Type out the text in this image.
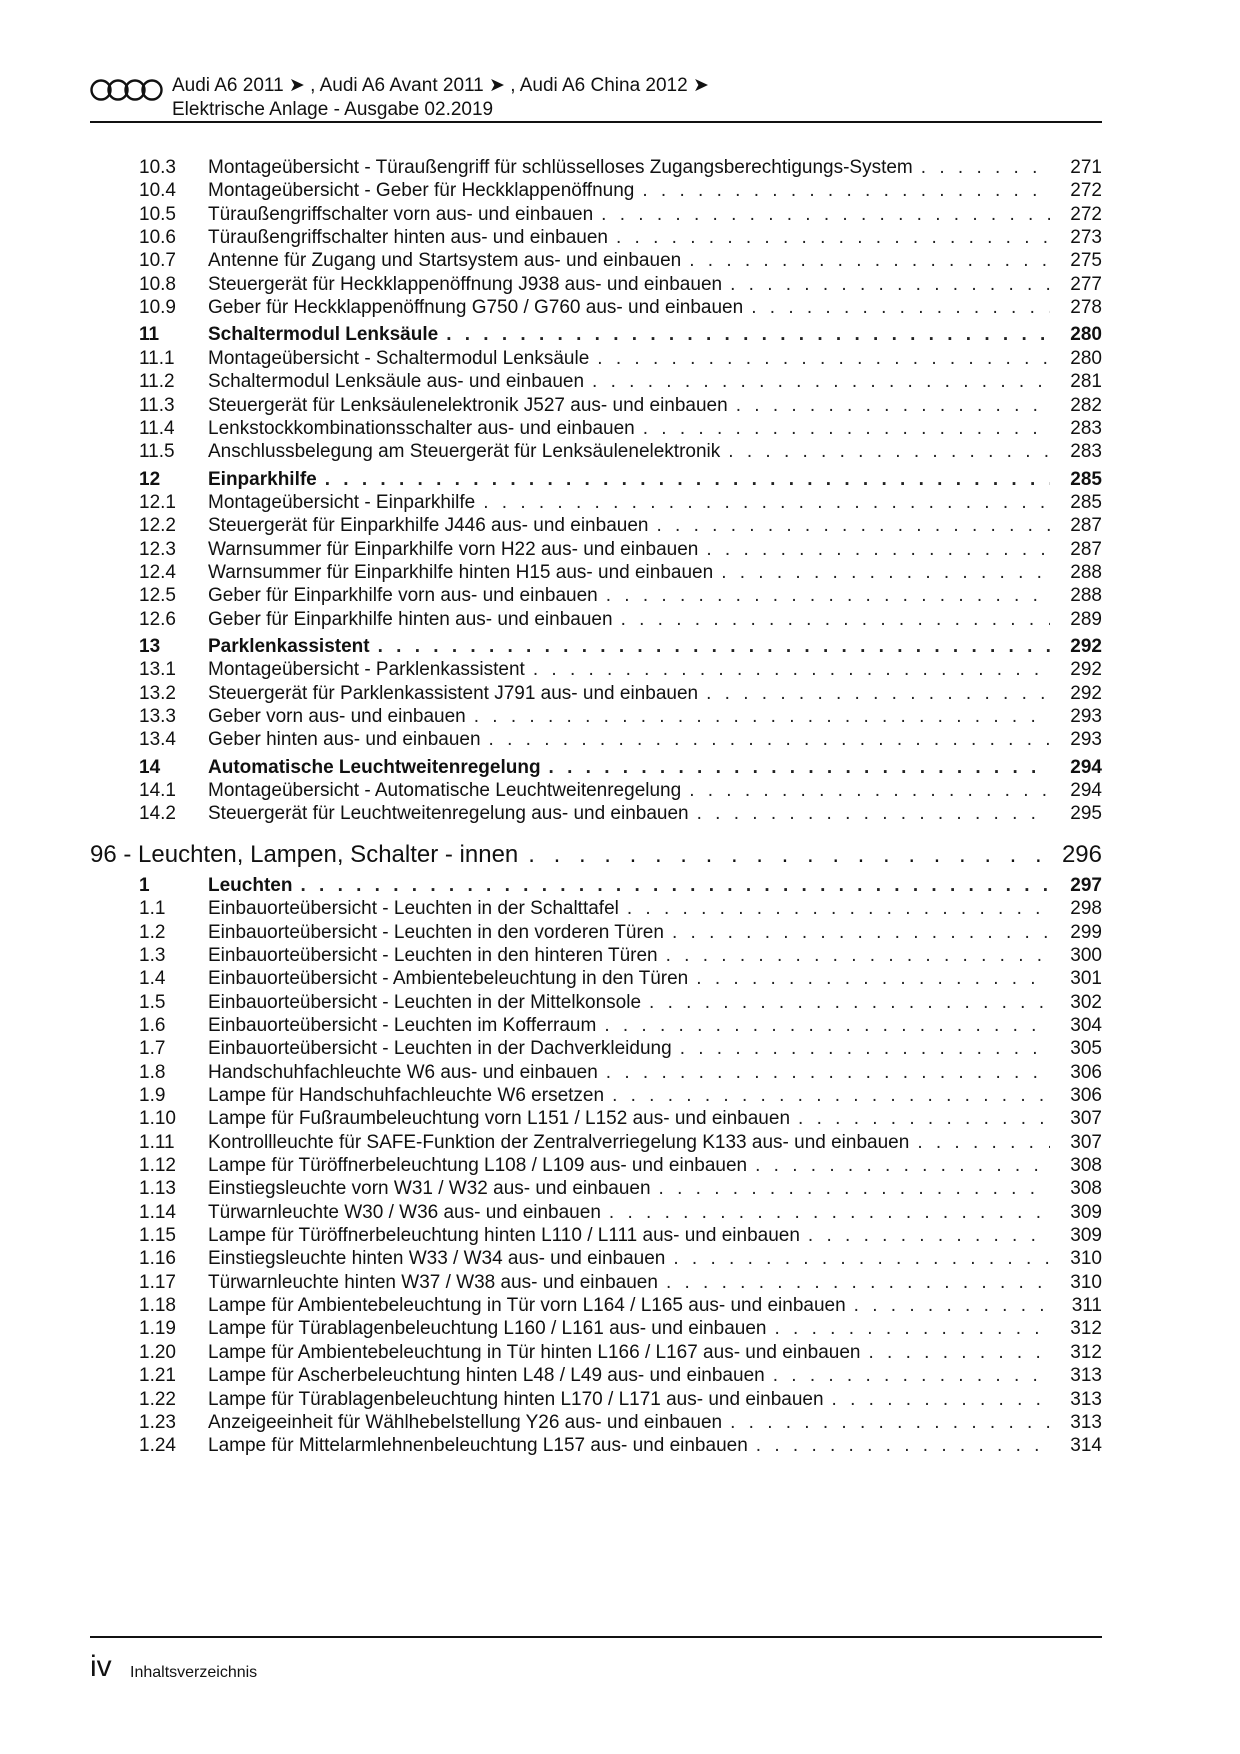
Audi A6 2011 ➤ , Audi A6 Avant 2011 ➤ , Audi A6 China 2012 ➤
Elektrische Anlage - Ausgabe 02.2019
10.3 Montageübersicht - Türaußengriff für schlüsselloses Zugangsberechtigungs-System . . .	271
10.4 Montageübersicht - Geber für Heckklappenöffnung . . .	272
10.5 Türaußengriffschalter vorn aus- und einbauen . . .	272
10.6 Türaußengriffschalter hinten aus- und einbauen . . .	273
10.7 Antenne für Zugang und Startsystem aus- und einbauen . . .	275
10.8 Steuergerät für Heckklappenöffnung J938 aus- und einbauen . . .	277
10.9 Geber für Heckklappenöffnung G750 / G760 aus- und einbauen . . .	278
11	Schaltermodul Lenksäule . . .	280
11.1 Montageübersicht - Schaltermodul Lenksäule . . .	280
11.2 Schaltermodul Lenksäule aus- und einbauen . . .	281
11.3 Steuergerät für Lenksäulenelektronik J527 aus- und einbauen . . .	282
11.4 Lenkstockkombinationsschalter aus- und einbauen . . .	283
11.5 Anschlussbelegung am Steuergerät für Lenksäulenelektronik . . .	283
12	Einparkhilfe . . .	285
12.1 Montageübersicht - Einparkhilfe . . .	285
12.2 Steuergerät für Einparkhilfe J446 aus- und einbauen . . .	287
12.3 Warnsummer für Einparkhilfe vorn H22 aus- und einbauen . . .	287
12.4 Warnsummer für Einparkhilfe hinten H15 aus- und einbauen . . .	288
12.5 Geber für Einparkhilfe vorn aus- und einbauen . . .	288
12.6 Geber für Einparkhilfe hinten aus- und einbauen . . .	289
13	Parklenkassistent . . .	292
13.1 Montageübersicht - Parklenkassistent . . .	292
13.2 Steuergerät für Parklenkassistent J791 aus- und einbauen . . .	292
13.3 Geber vorn aus- und einbauen . . .	293
13.4 Geber hinten aus- und einbauen . . .	293
14	Automatische Leuchtweitenregelung . . .	294
14.1 Montageübersicht - Automatische Leuchtweitenregelung . . .	294
14.2 Steuergerät für Leuchtweitenregelung aus- und einbauen . . .	295
96 - Leuchten, Lampen, Schalter - innen . . .	296
1	Leuchten . . .	297
1.1 Einbauorteübersicht - Leuchten in der Schalttafel . . .	298
1.2 Einbauorteübersicht - Leuchten in den vorderen Türen . . .	299
1.3 Einbauorteübersicht - Leuchten in den hinteren Türen . . .	300
1.4 Einbauorteübersicht - Ambientebeleuchtung in den Türen . . .	301
1.5 Einbauorteübersicht - Leuchten in der Mittelkonsole . . .	302
1.6 Einbauorteübersicht - Leuchten im Kofferraum . . .	304
1.7 Einbauorteübersicht - Leuchten in der Dachverkleidung . . .	305
1.8 Handschuhfachleuchte W6 aus- und einbauen . . .	306
1.9 Lampe für Handschuhfachleuchte W6 ersetzen . . .	306
1.10 Lampe für Fußraumbeleuchtung vorn L151 / L152 aus- und einbauen . . .	307
1.11 Kontrollleuchte für SAFE-Funktion der Zentralverriegelung K133 aus- und einbauen . . .	307
1.12 Lampe für Türöffnerbeleuchtung L108 / L109 aus- und einbauen . . .	308
1.13 Einstiegsleuchte vorn W31 / W32 aus- und einbauen . . .	308
1.14 Türwarnleuchte W30 / W36 aus- und einbauen . . .	309
1.15 Lampe für Türöffnerbeleuchtung hinten L110 / L111 aus- und einbauen . . .	309
1.16 Einstiegsleuchte hinten W33 / W34 aus- und einbauen . . .	310
1.17 Türwarnleuchte hinten W37 / W38 aus- und einbauen . . .	310
1.18 Lampe für Ambientebeleuchtung in Tür vorn L164 / L165 aus- und einbauen . . .	311
1.19 Lampe für Türablagenbeleuchtung L160 / L161 aus- und einbauen . . .	312
1.20 Lampe für Ambientebeleuchtung in Tür hinten L166 / L167 aus- und einbauen . . .	312
1.21 Lampe für Ascherbeleuchtung hinten L48 / L49 aus- und einbauen . . .	313
1.22 Lampe für Türablagenbeleuchtung hinten L170 / L171 aus- und einbauen . . .	313
1.23 Anzeigeeinheit für Wählhebelstellung Y26 aus- und einbauen . . .	313
1.24 Lampe für Mittelarmlehnenbeleuchtung L157 aus- und einbauen . . .	314
iv Inhaltsverzeichnis
